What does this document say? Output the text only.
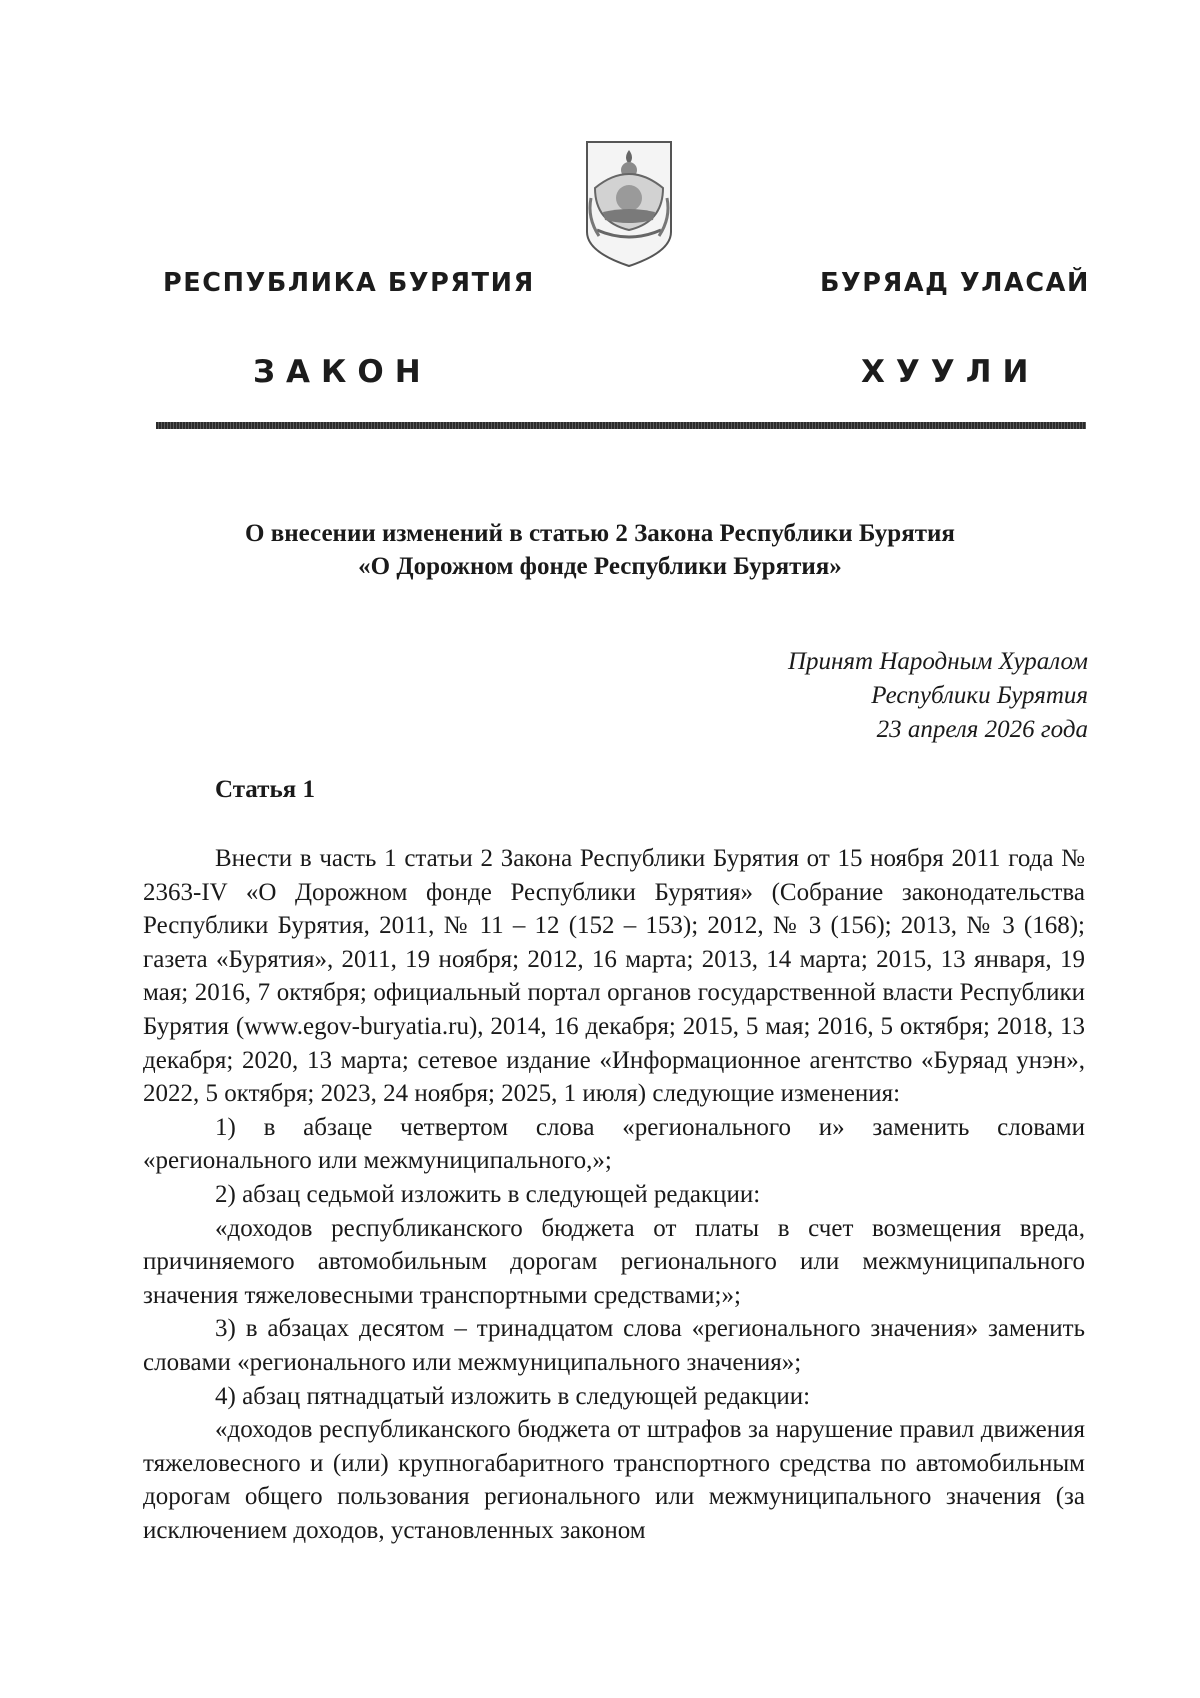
РЕСПУБЛИКА БУРЯТИЯ	БУРЯАД УЛАСАЙ
ЗАКОН	ХУУЛИ
О внесении изменений в статью 2 Закона Республики Бурятия
«О Дорожном фонде Республики Бурятия»
Принят Народным Хуралом
Республики Бурятия
23 апреля 2026 года
Статья 1

Внести в часть 1 статьи 2 Закона Республики Бурятия от 15 ноября 2011 года № 2363-IV «О Дорожном фонде Республики Бурятия» (Собрание законодательства Республики Бурятия, 2011, № 11 – 12 (152 – 153); 2012, № 3 (156); 2013, № 3 (168); газета «Бурятия», 2011, 19 ноября; 2012, 16 марта; 2013, 14 марта; 2015, 13 января, 19 мая; 2016, 7 октября; официальный портал органов государственной власти Республики Бурятия (www.egov-buryatia.ru), 2014, 16 декабря; 2015, 5 мая; 2016, 5 октября; 2018, 13 декабря; 2020, 13 марта; сетевое издание «Информационное агентство «Буряад унэн», 2022, 5 октября; 2023, 24 ноября; 2025, 1 июля) следующие изменения:

1) в абзаце четвертом слова «регионального и» заменить словами «регионального или межмуниципального,»;

2) абзац седьмой изложить в следующей редакции:

«доходов республиканского бюджета от платы в счет возмещения вреда, причиняемого автомобильным дорогам регионального или межмуниципального значения тяжеловесными транспортными средствами;»;

3) в абзацах десятом – тринадцатом слова «регионального значения» заменить словами «регионального или межмуниципального значения»;

4) абзац пятнадцатый изложить в следующей редакции:

«доходов республиканского бюджета от штрафов за нарушение правил движения тяжеловесного и (или) крупногабаритного транспортного средства по автомобильным дорогам общего пользования регионального или межмуниципального значения (за исключением доходов, установленных законом
